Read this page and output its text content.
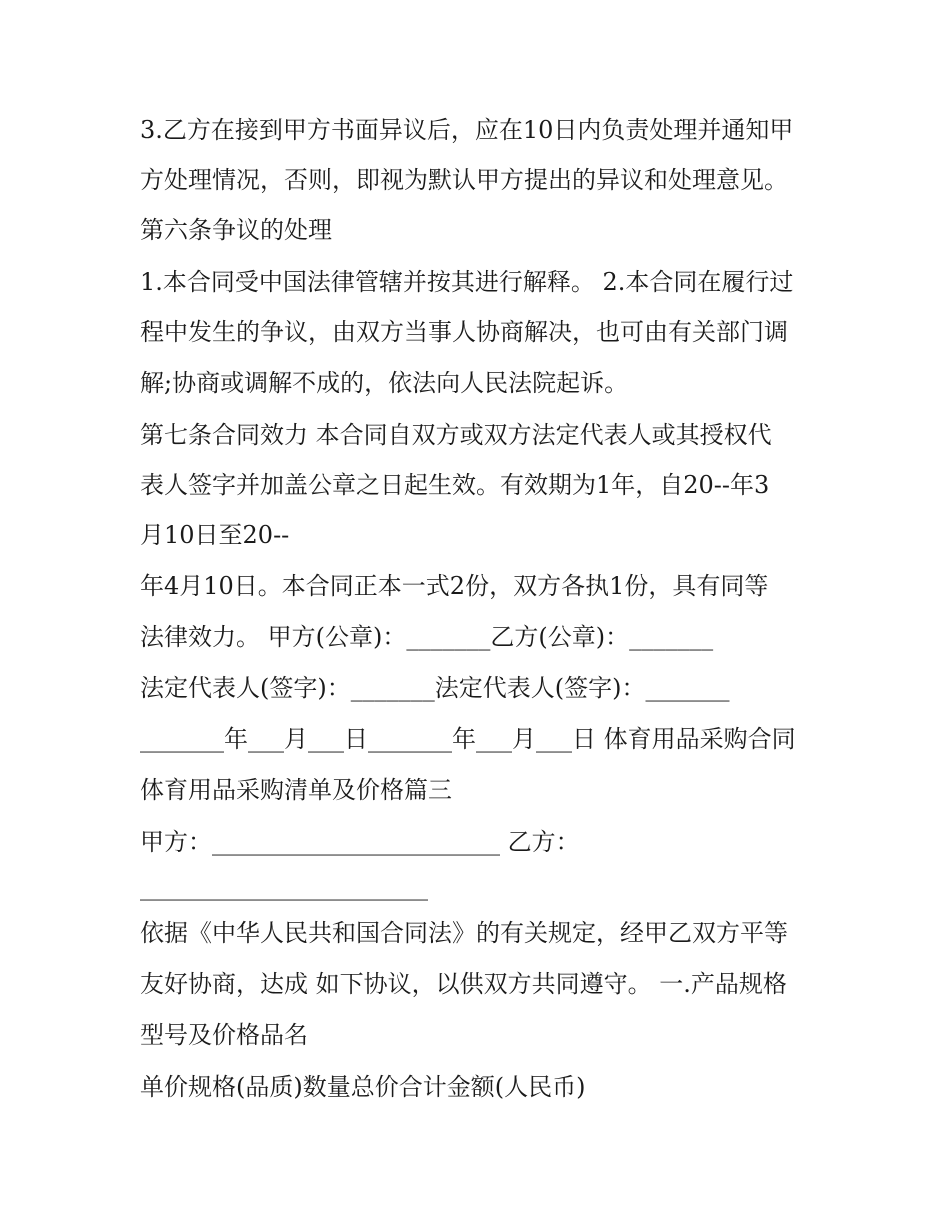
3.乙方在接到甲方书面异议后，应在10日内负责处理并通知甲
方处理情况，否则，即视为默认甲方提出的异议和处理意见。
第六条争议的处理
1.本合同受中国法律管辖并按其进行解释。 2.本合同在履行过
程中发生的争议，由双方当事人协商解决，也可由有关部门调
解;协商或调解不成的，依法向人民法院起诉。
第七条合同效力 本合同自双方或双方法定代表人或其授权代
表人签字并加盖公章之日起生效。有效期为1年，自20--年3
月10日至20--
年4月10日。本合同正本一式2份，双方各执1份，具有同等
法律效力。 甲方(公章)：_______乙方(公章)：_______
法定代表人(签字)：_______法定代表人(签字)：_______
_______年___月___日_______年___月___日 体育用品采购合同
体育用品采购清单及价格篇三
甲方：________________________ 乙方：
________________________
依据《中华人民共和国合同法》的有关规定，经甲乙双方平等
友好协商，达成 如下协议，以供双方共同遵守。 一.产品规格
型号及价格品名
单价规格(品质)数量总价合计金额(人民币)
